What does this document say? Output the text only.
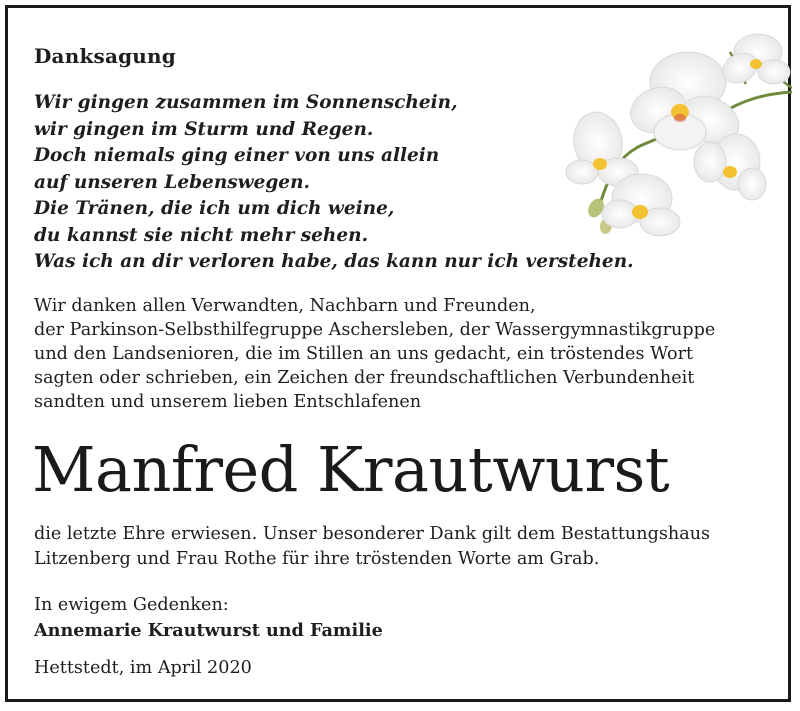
Danksagung
Wir gingen zusammen im Sonnenschein,
wir gingen im Sturm und Regen.
Doch niemals ging einer von uns allein
auf unseren Lebenswegen.
Die Tränen, die ich um dich weine,
du kannst sie nicht mehr sehen.
Was ich an dir verloren habe, das kann nur ich verstehen.
Wir danken allen Verwandten, Nachbarn und Freunden,
der Parkinson-Selbsthilfegruppe Aschersleben, der Wassergymnastikgruppe
und den Landsenioren, die im Stillen an uns gedacht, ein tröstendes Wort
sagten oder schrieben, ein Zeichen der freundschaftlichen Verbundenheit
sandten und unserem lieben Entschlafenen
Manfred Krautwurst
die letzte Ehre erwiesen. Unser besonderer Dank gilt dem Bestattungshaus
Litzenberg und Frau Rothe für ihre tröstenden Worte am Grab.
In ewigem Gedenken:
Annemarie Krautwurst und Familie
Hettstedt, im April 2020
